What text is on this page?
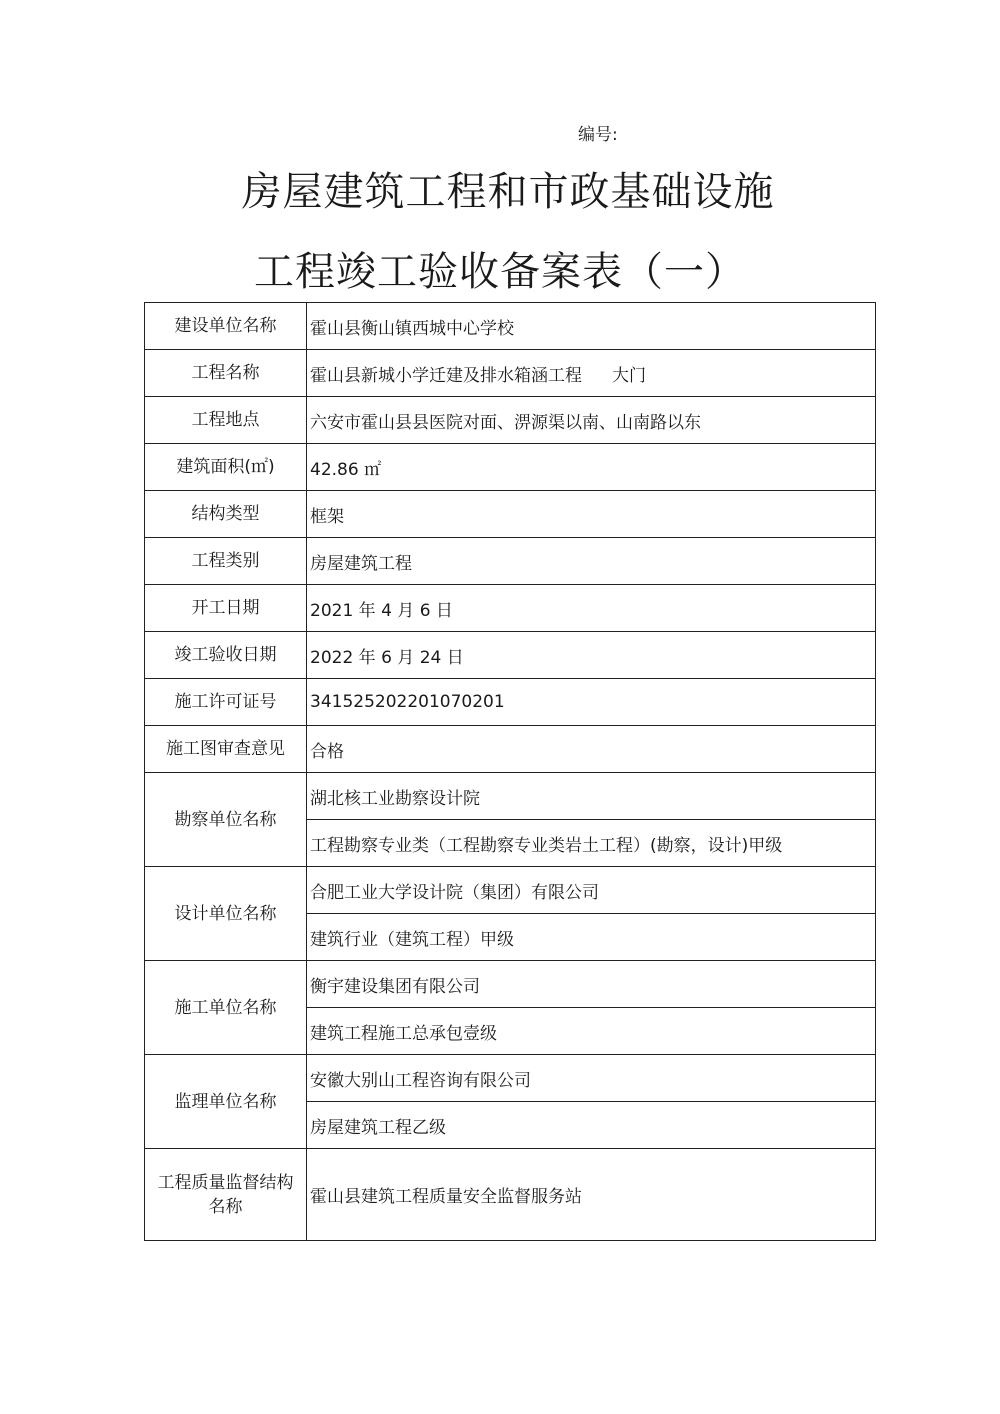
编号:
房屋建筑工程和市政基础设施
工程竣工验收备案表（一）
建设单位名称	霍山县衡山镇西城中心学校
工程名称	霍山县新城小学迁建及排水箱涵工程 大门
工程地点	六安市霍山县县医院对面、淠源渠以南、山南路以东
建筑面积(㎡)	42.86 ㎡
结构类型	框架
工程类别	房屋建筑工程
开工日期	2021 年 4 月 6 日
竣工验收日期	2022 年 6 月 24 日
施工许可证号	341525202201070201
施工图审查意见	合格
勘察单位名称	湖北核工业勘察设计院
	工程勘察专业类（工程勘察专业类岩土工程）(勘察，设计)甲级
设计单位名称	合肥工业大学设计院（集团）有限公司
	建筑行业（建筑工程）甲级
施工单位名称	衡宇建设集团有限公司
	建筑工程施工总承包壹级
监理单位名称	安徽大别山工程咨询有限公司
	房屋建筑工程乙级
工程质量监督结构
名称	霍山县建筑工程质量安全监督服务站
